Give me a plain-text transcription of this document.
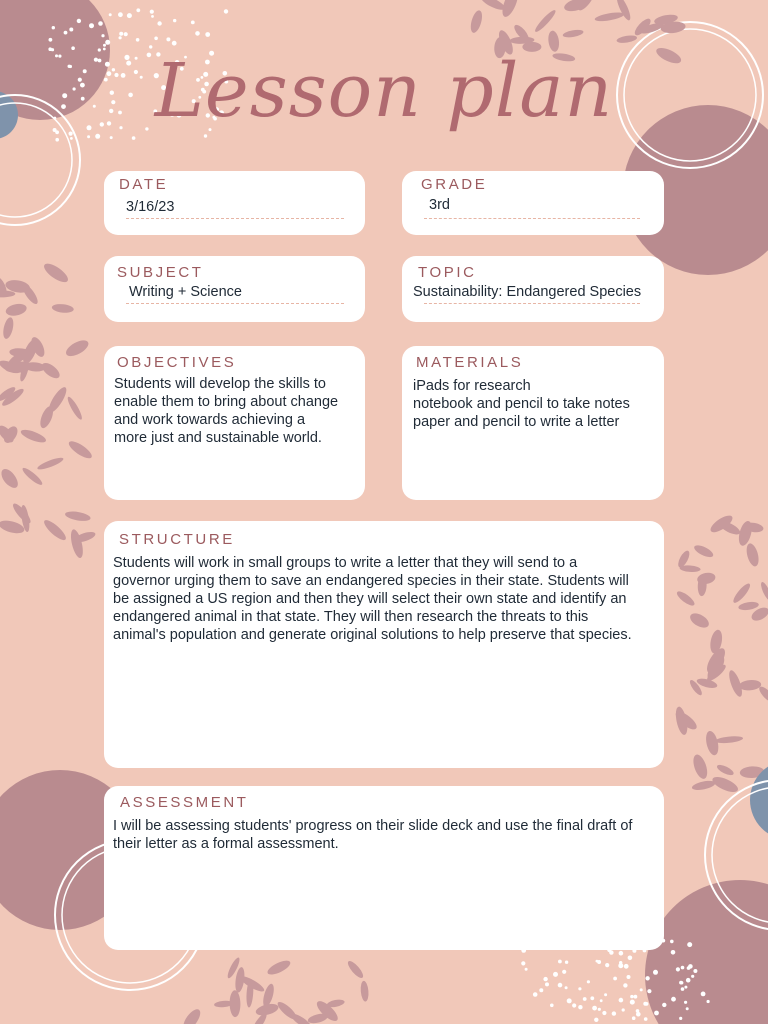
Lesson plan
DATE
3/16/23
GRADE
3rd
SUBJECT
Writing + Science
TOPIC
Sustainability: Endangered Species
OBJECTIVES
Students will develop the skills to
enable them to bring about change
and work towards achieving a
more just and sustainable world.
MATERIALS
iPads for research
notebook and pencil to take notes
paper and pencil to write a letter
STRUCTURE
Students will work in small groups to write a letter that they will send to a
governor urging them to save an endangered species in their state. Students will
be assigned a US region and then they will select their own state and identify an
endangered animal in that state. They will then research the threats to this
animal's population and generate original solutions to help preserve that species.
ASSESSMENT
I will be assessing students' progress on their slide deck and use the final draft of
their letter as a formal assessment.
